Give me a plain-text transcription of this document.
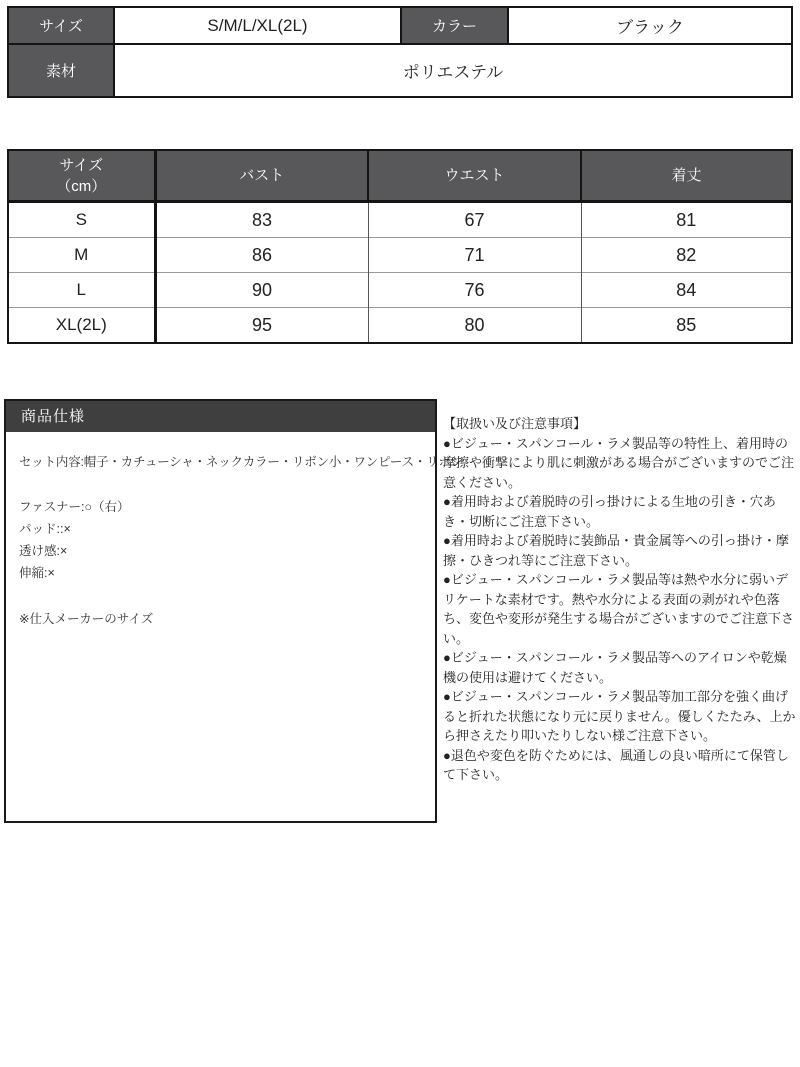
サイズ	S/M/L/XL(2L)	カラー	ブラック
素材	ポリエステル		
サイズ
（cm）	バスト	ウエスト	着丈
S	83	67	81
M	86	71	82
L	90	76	84
XL(2L)	95	80	85
商品仕様
セット内容:帽子・カチューシャ・ネックカラー・リボン小・ワンピース・リボン
ファスナー:○（右）
パッド::×
透け感:×
伸縮:×
※仕入メーカーのサイズ

【取扱い及び注意事項】

●ビジュー・スパンコール・ラメ製品等の特性上、着用時の摩擦や衝撃により肌に刺激がある場合がございますのでご注意ください。

●着用時および着脱時の引っ掛けによる生地の引き・穴あき・切断にご注意下さい。

●着用時および着脱時に装飾品・貴金属等への引っ掛け・摩擦・ひきつれ等にご注意下さい。

●ビジュー・スパンコール・ラメ製品等は熱や水分に弱いデリケートな素材です。熱や水分による表面の剥がれや色落ち、変色や変形が発生する場合がございますのでご注意下さい。

●ビジュー・スパンコール・ラメ製品等へのアイロンや乾燥機の使用は避けてください。

●ビジュー・スパンコール・ラメ製品等加工部分を強く曲げると折れた状態になり元に戻りません。優しくたたみ、上から押さえたり叩いたりしない様ご注意下さい。

●退色や変色を防ぐためには、風通しの良い暗所にて保管して下さい。
